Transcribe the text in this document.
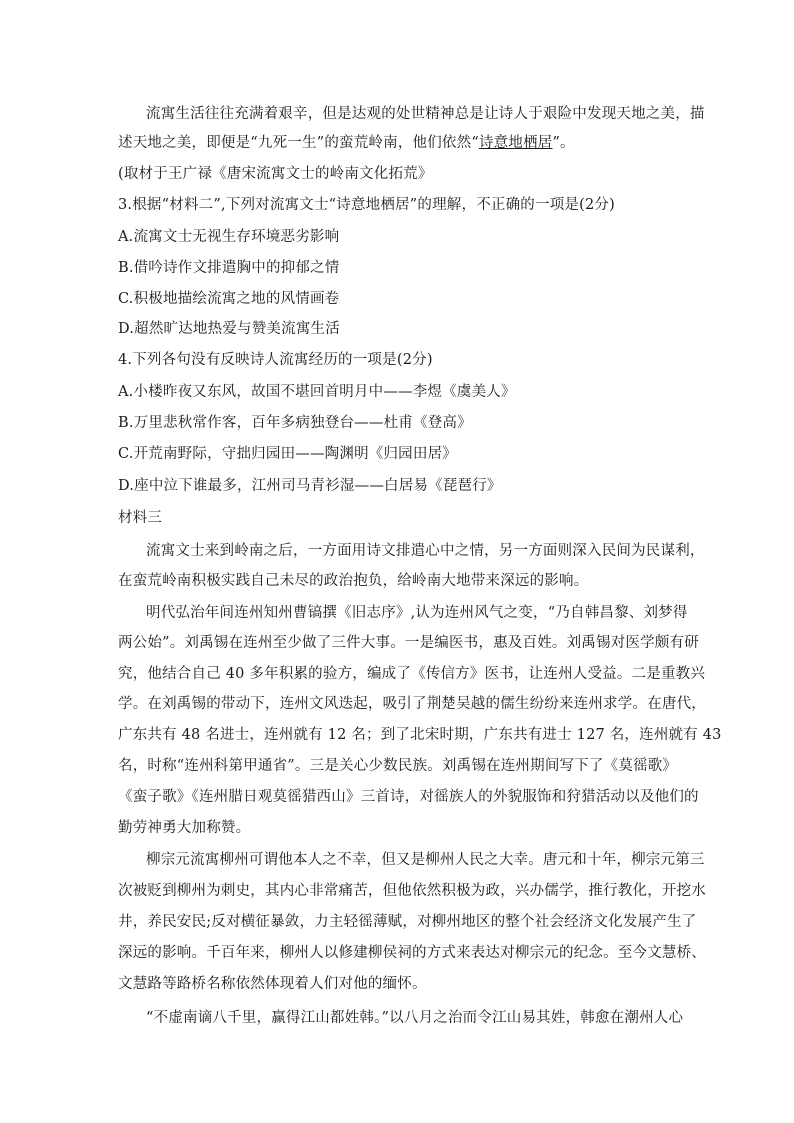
流寓生活往往充满着艰辛，但是达观的处世精神总是让诗人于艰险中发现天地之美，描
述天地之美，即便是“九死一生”的蛮荒岭南，他们依然“诗意地栖居”。
(取材于王广禄《唐宋流寓文士的岭南文化拓荒》
3.根据“材料二”,下列对流寓文士“诗意地栖居”的理解，不正确的一项是(2分)
A.流寓文士无视生存环境恶劣影响
B.借吟诗作文排遣胸中的抑郁之情
C.积极地描绘流寓之地的风情画卷
D.超然旷达地热爱与赞美流寓生活
4.下列各句没有反映诗人流寓经历的一项是(2分)
A.小楼昨夜又东风，故国不堪回首明月中——李煜《虞美人》
B.万里悲秋常作客，百年多病独登台——杜甫《登高》
C.开荒南野际，守拙归园田——陶渊明《归园田居》
D.座中泣下谁最多，江州司马青衫湿——白居易《琵琶行》
材料三
流寓文士来到岭南之后，一方面用诗文排遣心中之情，另一方面则深入民间为民谋利，
在蛮荒岭南积极实践自己未尽的政治抱负，给岭南大地带来深远的影响。
明代弘治年间连州知州曹镐撰《旧志序》,认为连州风气之变，“乃自韩昌黎、刘梦得
两公始”。刘禹锡在连州至少做了三件大事。一是编医书，惠及百姓。刘禹锡对医学颇有研
究，他结合自己 40 多年积累的验方，编成了《传信方》医书，让连州人受益。二是重教兴
学。在刘禹锡的带动下，连州文风迭起，吸引了荆楚吴越的儒生纷纷来连州求学。在唐代，
广东共有 48 名进士，连州就有 12 名；到了北宋时期，广东共有进士 127 名，连州就有 43
名，时称“连州科第甲通省”。三是关心少数民族。刘禹锡在连州期间写下了《莫徭歌》
《蛮子歌》《连州腊日观莫徭猎西山》三首诗，对徭族人的外貌服饰和狩猎活动以及他们的
勤劳神勇大加称赞。
柳宗元流寓柳州可谓他本人之不幸，但又是柳州人民之大幸。唐元和十年，柳宗元第三
次被贬到柳州为刺史，其内心非常痛苦，但他依然积极为政，兴办儒学，推行教化，开挖水
井，养民安民;反对横征暴敛，力主轻徭薄赋，对柳州地区的整个社会经济文化发展产生了
深远的影响。千百年来，柳州人以修建柳侯祠的方式来表达对柳宗元的纪念。至今文慧桥、
文慧路等路桥名称依然体现着人们对他的缅怀。
“不虚南谪八千里，赢得江山都姓韩。”以八月之治而令江山易其姓，韩愈在潮州人心
